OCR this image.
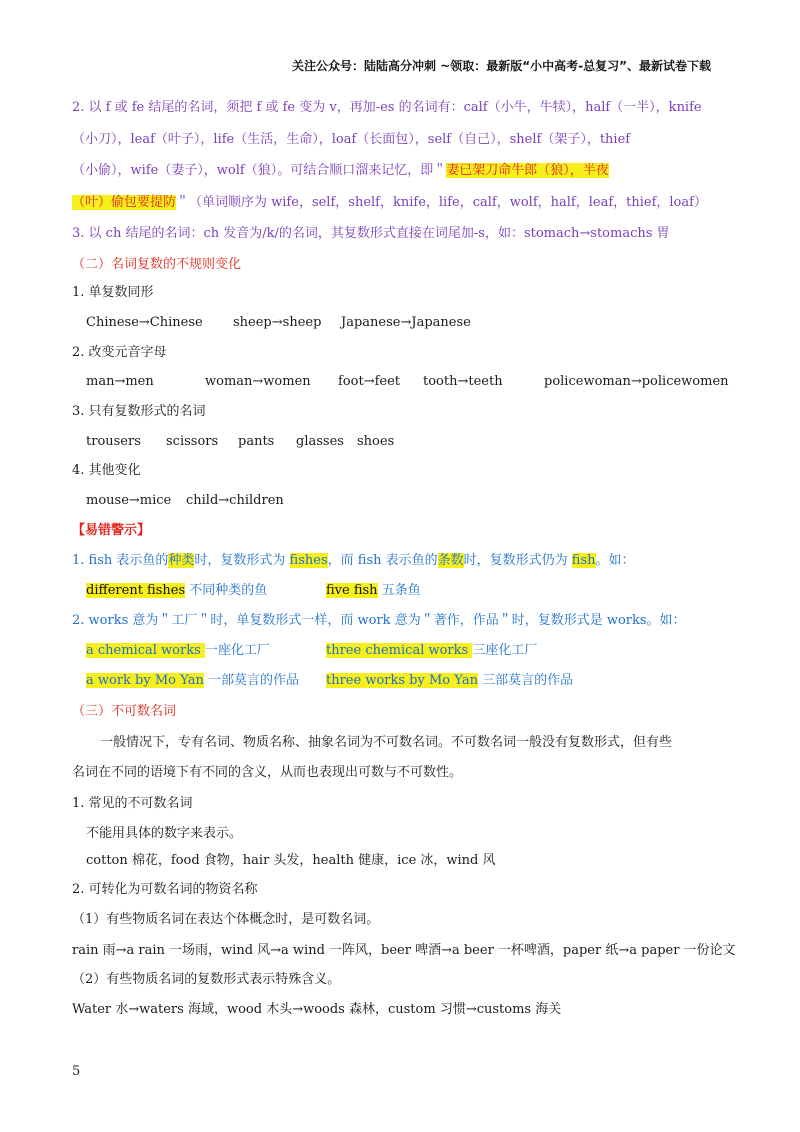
关注公众号：陆陆高分冲刺 ~领取：最新版“小中高考-总复习”、最新试卷下载
2. 以 f 或 fe 结尾的名词，须把 f 或 fe 变为 v，再加-es 的名词有：calf（小牛，牛犊），half（一半），knife
（小刀），leaf（叶子），life（生活，生命），loaf（长面包），self（自己），shelf（架子），thief
（小偷），wife（妻子），wolf（狼）。可结合顺口溜来记忆，即＂妻已架刀命牛郎（狼），半夜
（叶）偷包要提防＂（单词顺序为 wife，self，shelf，knife，life，calf，wolf，half，leaf，thief，loaf）
3. 以 ch 结尾的名词：ch 发音为/k/的名词，其复数形式直接在词尾加-s，如：stomach→stomachs 胃
（二）名词复数的不规则变化
1. 单复数同形
Chinese→Chinese sheep→sheep Japanese→Japanese
2. 改变元音字母
man→men	woman→women foot→feet tooth→teeth	policewoman→policewomen
3. 只有复数形式的名词
trousers scissors pants glasses shoes
4. 其他变化
mouse→mice child→children
【易错警示】
1. fish 表示鱼的种类时，复数形式为 fishes，而 fish 表示鱼的条数时，复数形式仍为 fish。如：
different fishes 不同种类的鱼	five fish 五条鱼
2. works 意为＂工厂＂时，单复数形式一样，而 work 意为＂著作，作品＂时，复数形式是 works。如：
a chemical works 一座化工厂	three chemical works 三座化工厂
a work by Mo Yan 一部莫言的作品 three works by Mo Yan 三部莫言的作品
（三）不可数名词
一般情况下，专有名词、物质名称、抽象名词为不可数名词。不可数名词一般没有复数形式，但有些
名词在不同的语境下有不同的含义，从而也表现出可数与不可数性。
1. 常见的不可数名词
不能用具体的数字来表示。
cotton 棉花，food 食物，hair 头发，health 健康，ice 冰，wind 风
2. 可转化为可数名词的物资名称
（1）有些物质名词在表达个体概念时，是可数名词。
rain 雨→a rain 一场雨，wind 风→a wind 一阵风，beer 啤酒→a beer 一杯啤酒，paper 纸→a paper 一份论文
（2）有些物质名词的复数形式表示特殊含义。
Water 水→waters 海域，wood 木头→woods 森林，custom 习惯→customs 海关
5
